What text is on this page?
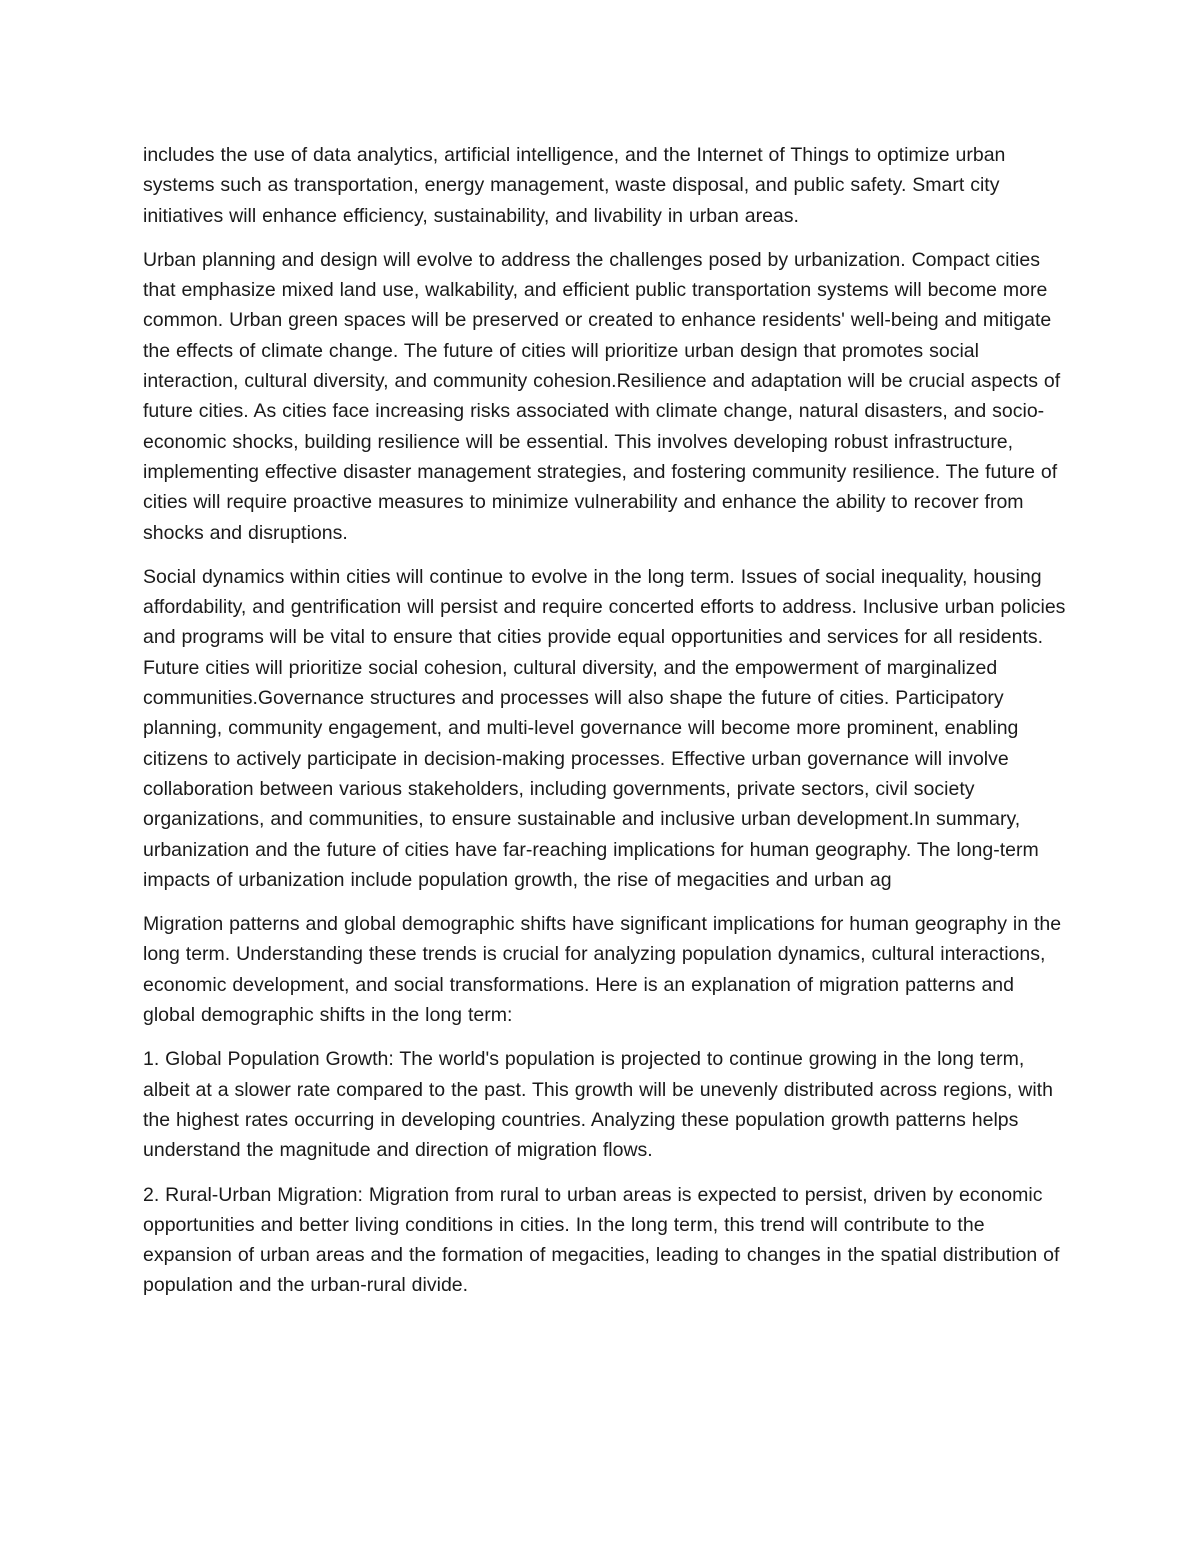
includes the use of data analytics, artificial intelligence, and the Internet of Things to optimize urban systems such as transportation, energy management, waste disposal, and public safety. Smart city initiatives will enhance efficiency, sustainability, and livability in urban areas.

Urban planning and design will evolve to address the challenges posed by urbanization. Compact cities that emphasize mixed land use, walkability, and efficient public transportation systems will become more common. Urban green spaces will be preserved or created to enhance residents' well-being and mitigate the effects of climate change. The future of cities will prioritize urban design that promotes social interaction, cultural diversity, and community cohesion.Resilience and adaptation will be crucial aspects of future cities. As cities face increasing risks associated with climate change, natural disasters, and socio-economic shocks, building resilience will be essential. This involves developing robust infrastructure, implementing effective disaster management strategies, and fostering community resilience. The future of cities will require proactive measures to minimize vulnerability and enhance the ability to recover from shocks and disruptions.

Social dynamics within cities will continue to evolve in the long term. Issues of social inequality, housing affordability, and gentrification will persist and require concerted efforts to address. Inclusive urban policies and programs will be vital to ensure that cities provide equal opportunities and services for all residents. Future cities will prioritize social cohesion, cultural diversity, and the empowerment of marginalized communities.Governance structures and processes will also shape the future of cities. Participatory planning, community engagement, and multi-level governance will become more prominent, enabling citizens to actively participate in decision-making processes. Effective urban governance will involve collaboration between various stakeholders, including governments, private sectors, civil society organizations, and communities, to ensure sustainable and inclusive urban development.In summary, urbanization and the future of cities have far-reaching implications for human geography. The long-term impacts of urbanization include population growth, the rise of megacities and urban ag

Migration patterns and global demographic shifts have significant implications for human geography in the long term. Understanding these trends is crucial for analyzing population dynamics, cultural interactions, economic development, and social transformations. Here is an explanation of migration patterns and global demographic shifts in the long term:

1. Global Population Growth: The world's population is projected to continue growing in the long term, albeit at a slower rate compared to the past. This growth will be unevenly distributed across regions, with the highest rates occurring in developing countries. Analyzing these population growth patterns helps understand the magnitude and direction of migration flows.

2. Rural-Urban Migration: Migration from rural to urban areas is expected to persist, driven by economic opportunities and better living conditions in cities. In the long term, this trend will contribute to the expansion of urban areas and the formation of megacities, leading to changes in the spatial distribution of population and the urban-rural divide.
